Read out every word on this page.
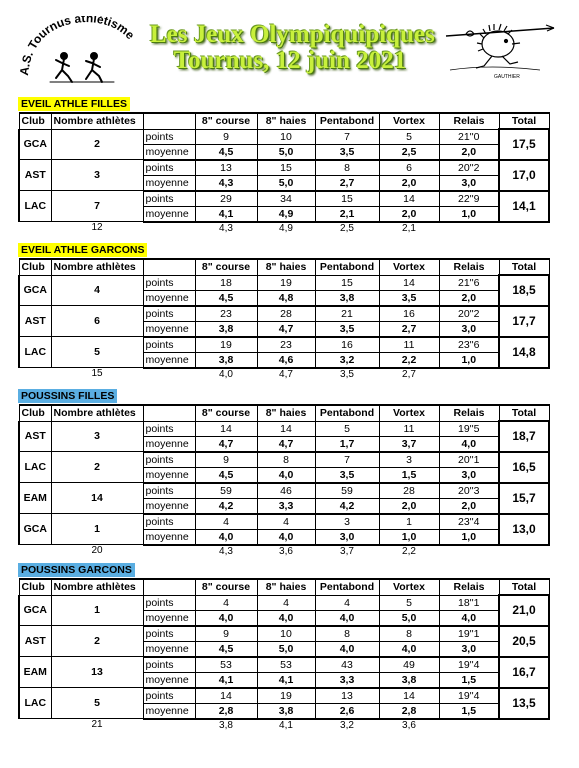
A.S. Tournus athlétisme Les Jeux Olympiquipiques
Tournus, 12 juin 2021
GAUTHIER
EVEIL ATHLE FILLES
Club	Nombre athlètes		8" course	8" haies	Pentabond	Vortex	Relais	Total
GCA	2	points	9	10	7	5	21''0	17,5
		moyenne	4,5	5,0	3,5	2,5	2,0	
AST	3	points	13	15	8	6	20''2	17,0
		moyenne	4,3	5,0	2,7	2,0	3,0	
LAC	7	points	29	34	15	14	22''9	14,1
		moyenne	4,1	4,9	2,1	2,0	1,0	
	12		4,3	4,9	2,5	2,1		
EVEIL ATHLE GARCONS
Club	Nombre athlètes		8" course	8" haies	Pentabond	Vortex	Relais	Total
GCA	4	points	18	19	15	14	21''6	18,5
		moyenne	4,5	4,8	3,8	3,5	2,0	
AST	6	points	23	28	21	16	20''2	17,7
		moyenne	3,8	4,7	3,5	2,7	3,0	
LAC	5	points	19	23	16	11	23''6	14,8
		moyenne	3,8	4,6	3,2	2,2	1,0	
	15		4,0	4,7	3,5	2,7		
POUSSINS FILLES
Club	Nombre athlètes		8" course	8" haies	Pentabond	Vortex	Relais	Total
AST	3	points	14	14	5	11	19''5	18,7
		moyenne	4,7	4,7	1,7	3,7	4,0	
LAC	2	points	9	8	7	3	20''1	16,5
		moyenne	4,5	4,0	3,5	1,5	3,0	
EAM	14	points	59	46	59	28	20''3	15,7
		moyenne	4,2	3,3	4,2	2,0	2,0	
GCA	1	points	4	4	3	1	23''4	13,0
		moyenne	4,0	4,0	3,0	1,0	1,0	
	20		4,3	3,6	3,7	2,2		
POUSSINS GARCONS
Club	Nombre athlètes		8" course	8" haies	Pentabond	Vortex	Relais	Total
GCA	1	points	4	4	4	5	18''1	21,0
		moyenne	4,0	4,0	4,0	5,0	4,0	
AST	2	points	9	10	8	8	19''1	20,5
		moyenne	4,5	5,0	4,0	4,0	3,0	
EAM	13	points	53	53	43	49	19''4	16,7
		moyenne	4,1	4,1	3,3	3,8	1,5	
LAC	5	points	14	19	13	14	19''4	13,5
		moyenne	2,8	3,8	2,6	2,8	1,5	
	21		3,8	4,1	3,2	3,6		
